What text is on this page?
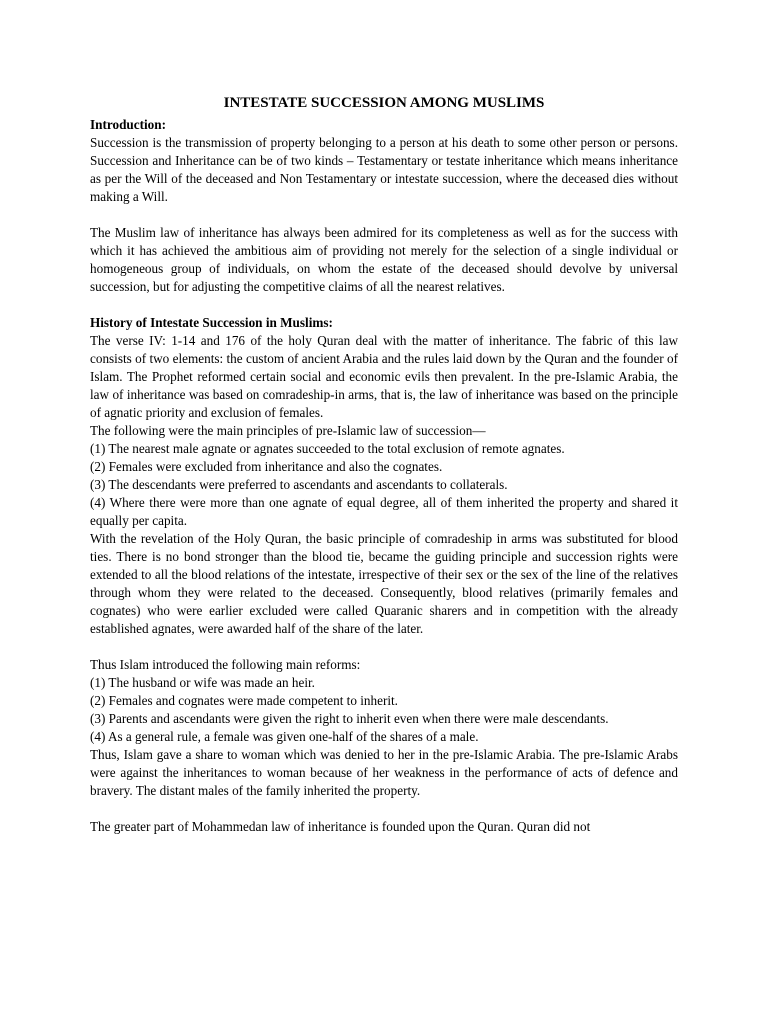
INTESTATE SUCCESSION AMONG MUSLIMS
Introduction:

Succession is the transmission of property belonging to a person at his death to some other person or persons. Succession and Inheritance can be of two kinds – Testamentary or testate inheritance which means inheritance as per the Will of the deceased and Non Testamentary or intestate succession, where the deceased dies without making a Will.

The Muslim law of inheritance has always been admired for its completeness as well as for the success with which it has achieved the ambitious aim of providing not merely for the selection of a single individual or homogeneous group of individuals, on whom the estate of the deceased should devolve by universal succession, but for adjusting the competitive claims of all the nearest relatives.

History of Intestate Succession in Muslims:

The verse IV: 1-14 and 176 of the holy Quran deal with the matter of inheritance. The fabric of this law consists of two elements: the custom of ancient Arabia and the rules laid down by the Quran and the founder of Islam. The Prophet reformed certain social and economic evils then prevalent. In the pre-Islamic Arabia, the law of inheritance was based on comradeship-in arms, that is, the law of inheritance was based on the principle of agnatic priority and exclusion of females.

The following were the main principles of pre-Islamic law of succession—

(1) The nearest male agnate or agnates succeeded to the total exclusion of remote agnates.

(2) Females were excluded from inheritance and also the cognates.

(3) The descendants were preferred to ascendants and ascendants to collaterals.

(4) Where there were more than one agnate of equal degree, all of them inherited the property and shared it equally per capita.

With the revelation of the Holy Quran, the basic principle of comradeship in arms was substituted for blood ties. There is no bond stronger than the blood tie, became the guiding principle and succession rights were extended to all the blood relations of the intestate, irrespective of their sex or the sex of the line of the relatives through whom they were related to the deceased. Consequently, blood relatives (primarily females and cognates) who were earlier excluded were called Quaranic sharers and in competition with the already established agnates, were awarded half of the share of the later.

Thus Islam introduced the following main reforms:

(1) The husband or wife was made an heir.

(2) Females and cognates were made competent to inherit.

(3) Parents and ascendants were given the right to inherit even when there were male descendants.

(4) As a general rule, a female was given one-half of the shares of a male.

Thus, Islam gave a share to woman which was denied to her in the pre-Islamic Arabia. The pre-Islamic Arabs were against the inheritances to woman because of her weakness in the performance of acts of defence and bravery. The distant males of the family inherited the property.

The greater part of Mohammedan law of inheritance is founded upon the Quran. Quran did not
